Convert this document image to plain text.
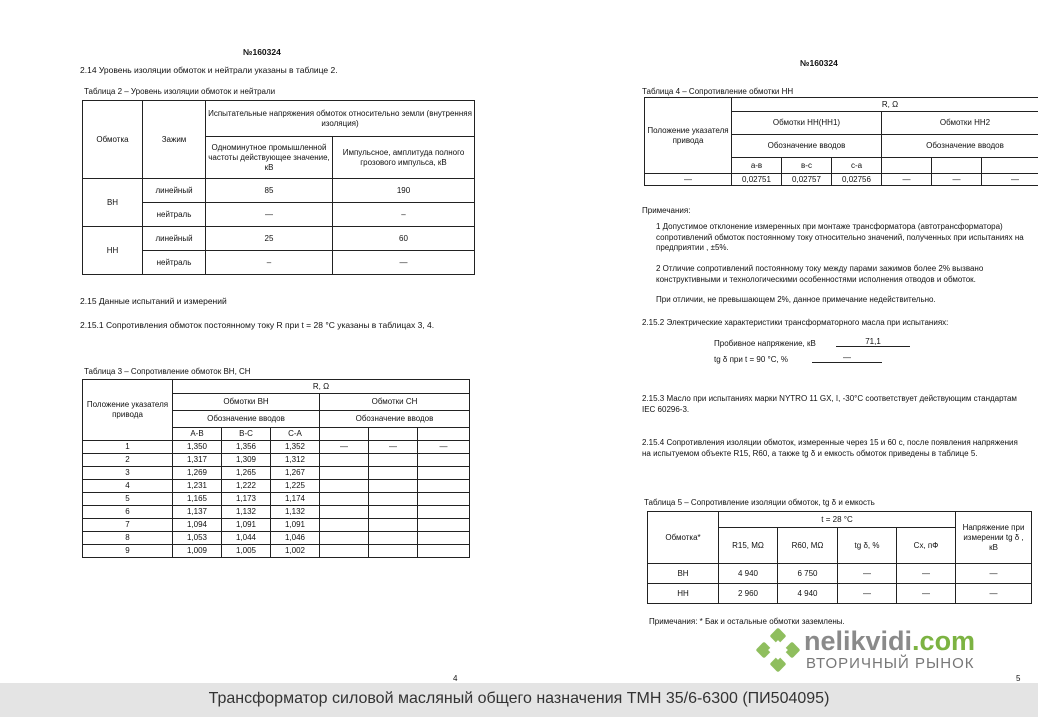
№160324
2.14 Уровень изоляции обмоток и нейтрали указаны в таблице 2.
Таблица 2 – Уровень изоляции обмоток и нейтрали
Обмотка	Зажим	Испытательные напряжения обмоток относительно земли (внутренняя изоляция)	
		Одноминутное промышленной частоты действующее значение, кВ	Импульсное, амплитуда полного грозового импульса, кВ
ВН	линейный	85	190
	нейтраль	—	–
НН	линейный	25	60
	нейтраль	–	—
2.15 Данные испытаний и измерений
2.15.1 Сопротивления обмоток постоянному току R при t = 28 °С указаны в таблицах 3, 4.
Таблица 3 – Сопротивление обмоток ВН, СН
Положение указателя привода	R, Ω					
	Обмотки ВН			Обмотки СН		
	Обозначение вводов			Обозначение вводов		
	A-B	B-C	C-A			
1	1,350	1,356	1,352	—	—	—
2	1,317	1,309	1,312			
3	1,269	1,265	1,267			
4	1,231	1,222	1,225			
5	1,165	1,173	1,174			
6	1,137	1,132	1,132			
7	1,094	1,091	1,091			
8	1,053	1,044	1,046			
9	1,009	1,005	1,002			
4
№160324
Таблица 4 – Сопротивление обмотки НН
Положение указателя привода	R, Ω					
	Обмотки НН(НН1)			Обмотки НН2		
	Обозначение вводов			Обозначение вводов		
	a-в	в-с	с-а			
—	0,02751	0,02757	0,02756	—	—	—
Примечания:
1 Допустимое отклонение измеренных при монтаже трансформатора (автотрансформатора) сопротивлений обмоток постоянному току относительно значений, полученных при испытаниях на предприятии , ±5%.
2 Отличие сопротивлений постоянному току между парами зажимов более 2% вызвано конструктивными и технологическими особенностями исполнения отводов и обмоток.
При отличии, не превышающем 2%, данное примечание недействительно.
2.15.2 Электрические характеристики трансформаторного масла при испытаниях:
Пробивное напряжение, кВ	71,1
tg δ при t = 90 °С, %	—
2.15.3 Масло при испытаниях марки NYTRO 11 GX, I, -30°C соответствует действующим стандартам IEC 60296-3.
2.15.4 Сопротивления изоляции обмоток, измеренные через 15 и 60 с, после появления напряжения на испытуемом объекте R15, R60, а также tg δ и емкость обмоток приведены в таблице 5.
Таблица 5 – Сопротивление изоляции обмоток, tg δ и емкость
Обмотка*	t = 28 °С				Напряжение при измерении tg δ , кВ
	R15, MΩ	R60, MΩ	tg δ, %	Cx, пФ	
ВН	4 940	6 750	—	—	—
НН	2 960	4 940	—	—	—
Примечания: * Бак и остальные обмотки заземлены.
5
nelikvidi.com
ВТОРИЧНЫЙ РЫНОК
Трансформатор силовой масляный общего назначения ТМН 35/6-6300 (ПИ504095)
